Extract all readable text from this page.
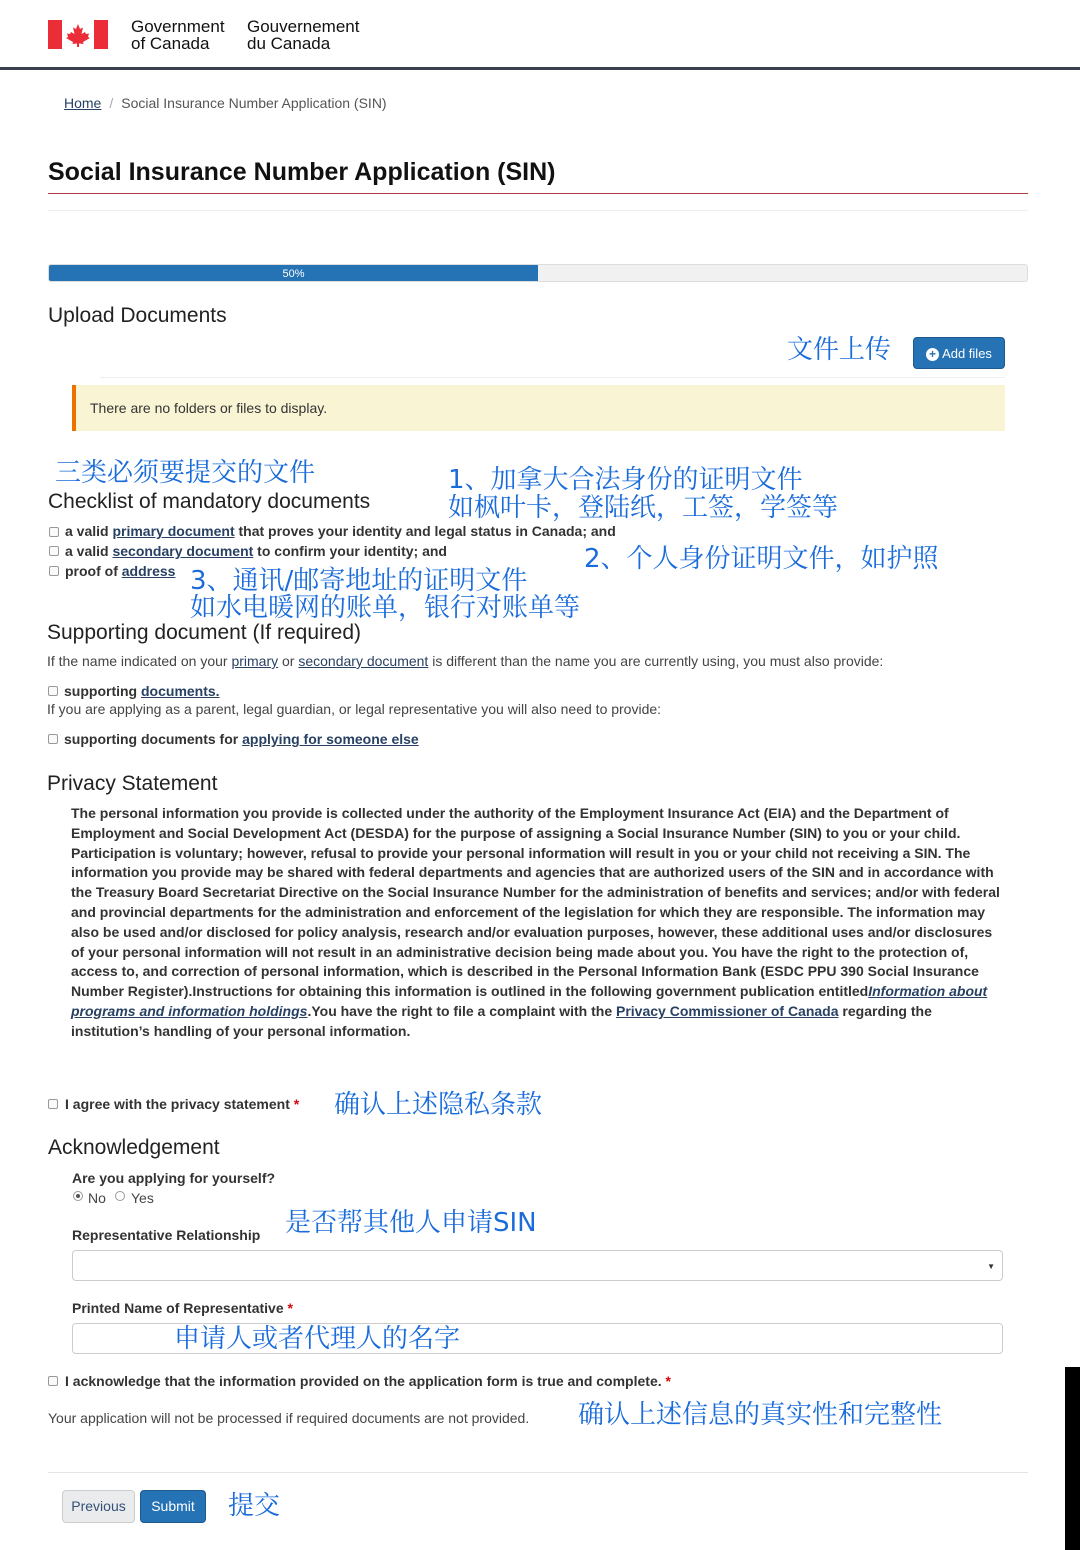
Government
of Canada
Gouvernement
du Canada
Home / Social Insurance Number Application (SIN)
Social Insurance Number Application (SIN)
50%
Upload Documents
文件上传	+ Add files
There are no folders or files to display.
三类必须要提交的文件	1、加拿大合法身份的证明文件
如枫叶卡，登陆纸，工签，学签等
Checklist of mandatory documents
a valid primary document that proves your identity and legal status in Canada; and
a valid secondary document to confirm your identity; and	2、个人身份证明文件，如护照
proof of address 3、通讯/邮寄地址的证明文件
如水电暖网的账单，银行对账单等
Supporting document (If required)
If the name indicated on your primary or secondary document is different than the name you are currently using, you must also provide:
supporting documents.
If you are applying as a parent, legal guardian, or legal representative you will also need to provide:
supporting documents for applying for someone else
Privacy Statement
The personal information you provide is collected under the authority of the Employment Insurance Act (EIA) and the Department of Employment and Social Development Act (DESDA) for the purpose of assigning a Social Insurance Number (SIN) to you or your child. Participation is voluntary; however, refusal to provide your personal information will result in you or your child not receiving a SIN. The information you provide may be shared with federal departments and agencies that are authorized users of the SIN and in accordance with the Treasury Board Secretariat Directive on the Social Insurance Number for the administration of benefits and services; and/or with federal and provincial departments for the administration and enforcement of the legislation for which they are responsible. The information may also be used and/or disclosed for policy analysis, research and/or evaluation purposes, however, these additional uses and/or disclosures of your personal information will not result in an administrative decision being made about you. You have the right to the protection of, access to, and correction of personal information, which is described in the Personal Information Bank (ESDC PPU 390 Social Insurance Number Register).Instructions for obtaining this information is outlined in the following government publication entitledInformation about programs and information holdings.You have the right to file a complaint with the Privacy Commissioner of Canada regarding the institution’s handling of your personal information.
I agree with the privacy statement * 确认上述隐私条款
Acknowledgement
Are you applying for yourself?
No Yes
Representative Relationship 是否帮其他人申请SIN
▼
Printed Name of Representative *
申请人或者代理人的名字
I acknowledge that the information provided on the application form is true and complete. *
Your application will not be processed if required documents are not provided. 确认上述信息的真实性和完整性
Previous	Submit	提交
